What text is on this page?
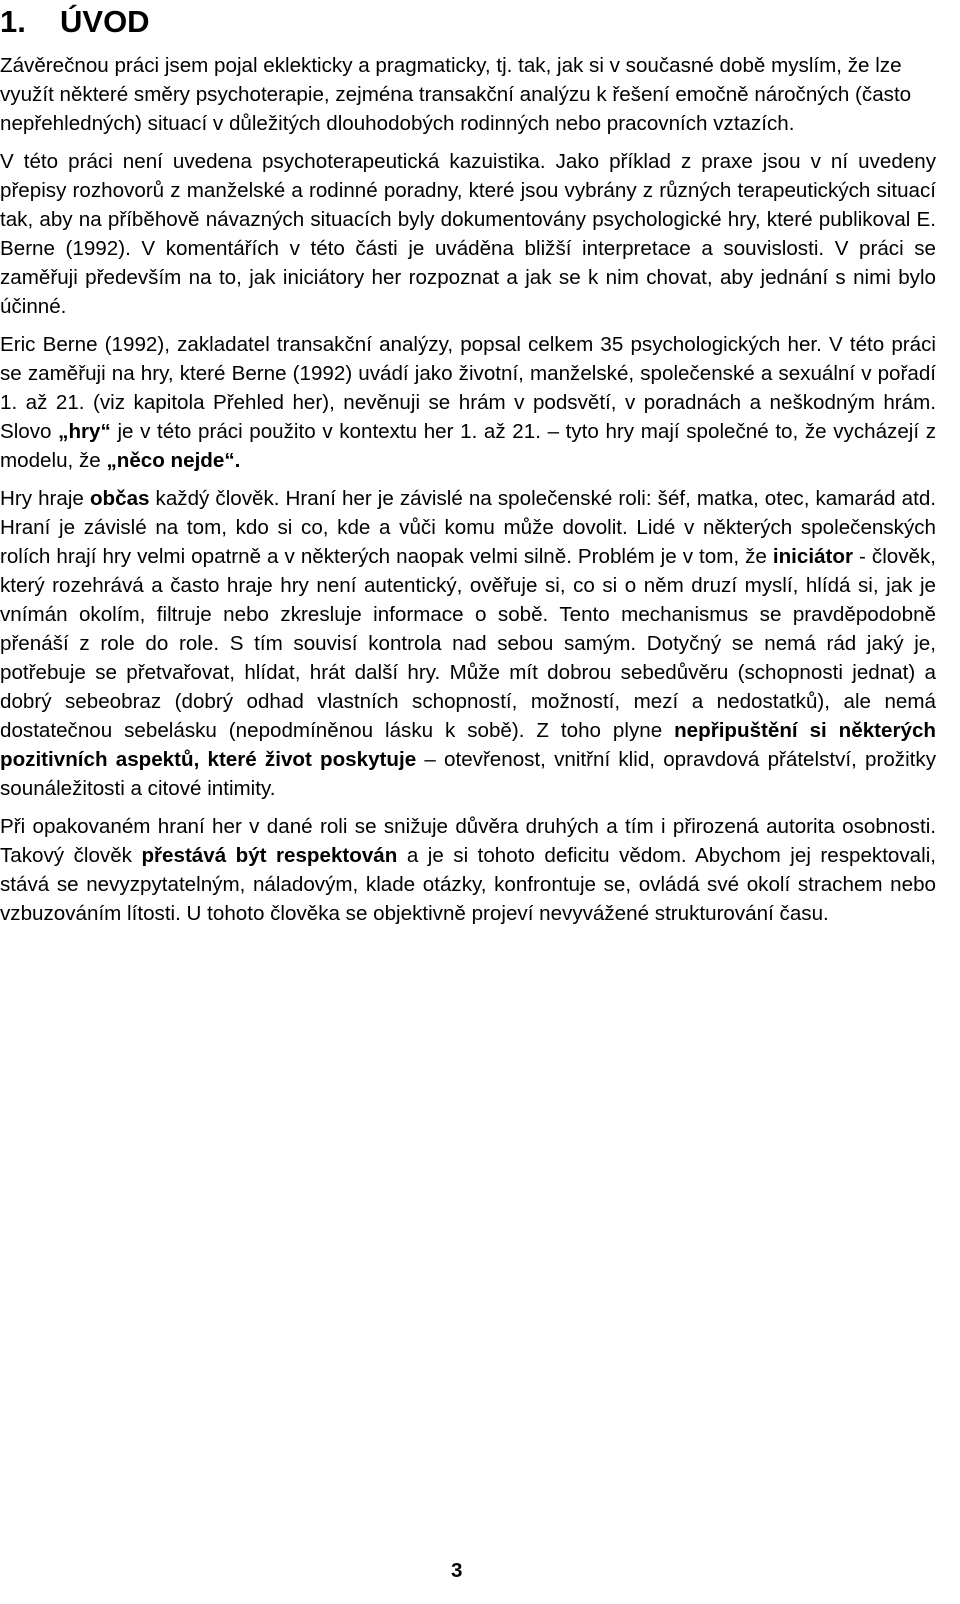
1. ÚVOD

Závěrečnou práci jsem pojal eklekticky a pragmaticky, tj. tak, jak si v současné době myslím, že lze využít některé směry psychoterapie, zejména transakční analýzu k řešení emočně náročných (často nepřehledných) situací v důležitých dlouhodobých rodinných nebo pracovních vztazích.

V této práci není uvedena psychoterapeutická kazuistika. Jako příklad z praxe jsou v ní uvedeny přepisy rozhovorů z manželské a rodinné poradny, které jsou vybrány z různých terapeutických situací tak, aby na příběhově návazných situacích byly dokumentovány psychologické hry, které publikoval E. Berne (1992). V komentářích v této části je uváděna bližší interpretace a souvislosti. V práci se zaměřuji především na to, jak iniciátory her rozpoznat a jak se k nim chovat, aby jednání s nimi bylo účinné.

Eric Berne (1992), zakladatel transakční analýzy, popsal celkem 35 psychologických her. V této práci se zaměřuji na hry, které Berne (1992) uvádí jako životní, manželské, společenské a sexuální v pořadí 1. až 21. (viz kapitola Přehled her), nevěnuji se hrám v podsvětí, v poradnách a neškodným hrám. Slovo „hry“ je v této práci použito v kontextu her 1. až 21. – tyto hry mají společné to, že vycházejí z modelu, že „něco nejde“.

Hry hraje občas každý člověk. Hraní her je závislé na společenské roli: šéf, matka, otec, kamarád atd. Hraní je závislé na tom, kdo si co, kde a vůči komu může dovolit. Lidé v některých společenských rolích hrají hry velmi opatrně a v některých naopak velmi silně. Problém je v tom, že iniciátor - člověk, který rozehrává a často hraje hry není autentický, ověřuje si, co si o něm druzí myslí, hlídá si, jak je vnímán okolím, filtruje nebo zkresluje informace o sobě. Tento mechanismus se pravděpodobně přenáší z role do role. S tím souvisí kontrola nad sebou samým. Dotyčný se nemá rád jaký je, potřebuje se přetvařovat, hlídat, hrát další hry. Může mít dobrou sebedůvěru (schopnosti jednat) a dobrý sebeobraz (dobrý odhad vlastních schopností, možností, mezí a nedostatků), ale nemá dostatečnou sebelásku (nepodmíněnou lásku k sobě). Z toho plyne nepřipuštění si některých pozitivních aspektů, které život poskytuje – otevřenost, vnitřní klid, opravdová přátelství, prožitky sounáležitosti a citové intimity.

Při opakovaném hraní her v dané roli se snižuje důvěra druhých a tím i přirozená autorita osobnosti. Takový člověk přestává být respektován a je si tohoto deficitu vědom. Abychom jej respektovali, stává se nevyzpytatelným, náladovým, klade otázky, konfrontuje se, ovládá své okolí strachem nebo vzbuzováním lítosti. U tohoto člověka se objektivně projeví nevyvážené strukturování času.

3
